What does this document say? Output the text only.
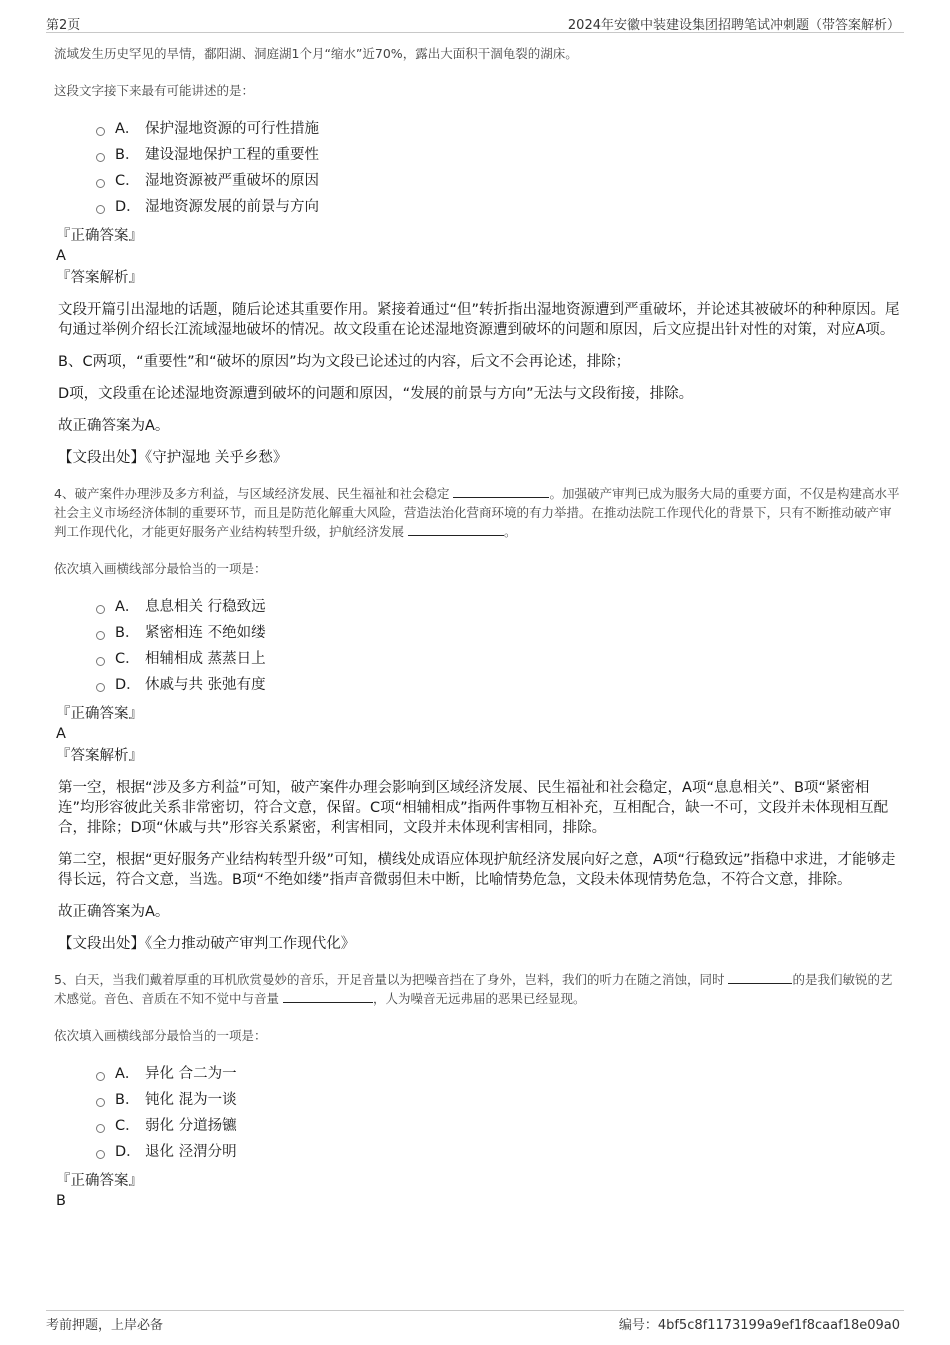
第2页	2024年安徽中装建设集团招聘笔试冲刺题（带答案解析）

流域发生历史罕见的旱情，鄱阳湖、洞庭湖1个月“缩水”近70%，露出大面积干涸龟裂的湖床。

这段文字接下来最有可能讲述的是：

A． 保护湿地资源的可行性措施
B． 建设湿地保护工程的重要性
C． 湿地资源被严重破坏的原因
D． 湿地资源发展的前景与方向

『正确答案』

A

『答案解析』

文段开篇引出湿地的话题，随后论述其重要作用。紧接着通过“但”转折指出湿地资源遭到严重破坏，并论述其被破坏的种种原因。尾句通过举例介绍长江流域湿地破坏的情况。故文段重在论述湿地资源遭到破坏的问题和原因，后文应提出针对性的对策，对应A项。

B、C两项，“重要性”和“破坏的原因”均为文段已论述过的内容，后文不会再论述，排除；

D项，文段重在论述湿地资源遭到破坏的问题和原因，“发展的前景与方向”无法与文段衔接，排除。

故正确答案为A。

【文段出处】《守护湿地 关乎乡愁》

4、破产案件办理涉及多方利益，与区域经济发展、民生福祉和社会稳定	。加强破产审判已成为服务大局的重要方面，不仅是构建高水平社会主义市场经济体制的重要环节，而且是防范化解重大风险，营造法治化营商环境的有力举措。在推动法院工作现代化的背景下，只有不断推动破产审判工作现代化，才能更好服务产业结构转型升级，护航经济发展	。

依次填入画横线部分最恰当的一项是：

A． 息息相关 行稳致远
B． 紧密相连 不绝如缕
C． 相辅相成 蒸蒸日上
D． 休戚与共 张弛有度

『正确答案』

A

『答案解析』

第一空，根据“涉及多方利益”可知，破产案件办理会影响到区域经济发展、民生福祉和社会稳定，A项“息息相关”、B项“紧密相连”均形容彼此关系非常密切，符合文意，保留。C项“相辅相成”指两件事物互相补充，互相配合，缺一不可，文段并未体现相互配合，排除；D项“休戚与共”形容关系紧密，利害相同，文段并未体现利害相同，排除。

第二空，根据“更好服务产业结构转型升级”可知，横线处成语应体现护航经济发展向好之意，A项“行稳致远”指稳中求进，才能够走得长远，符合文意，当选。B项“不绝如缕”指声音微弱但未中断，比喻情势危急，文段未体现情势危急，不符合文意，排除。

故正确答案为A。

【文段出处】《全力推动破产审判工作现代化》

5、白天，当我们戴着厚重的耳机欣赏曼妙的音乐，开足音量以为把噪音挡在了身外，岂料，我们的听力在随之消蚀，同时	的是我们敏锐的艺术感觉。音色、音质在不知不觉中与音量	，人为噪音无远弗届的恶果已经显现。

依次填入画横线部分最恰当的一项是：

A． 异化 合二为一
B． 钝化 混为一谈
C． 弱化 分道扬镳
D． 退化 泾渭分明

『正确答案』

B

考前押题，上岸必备	编号：4bf5c8f1173199a9ef1f8caaf18e09a0
